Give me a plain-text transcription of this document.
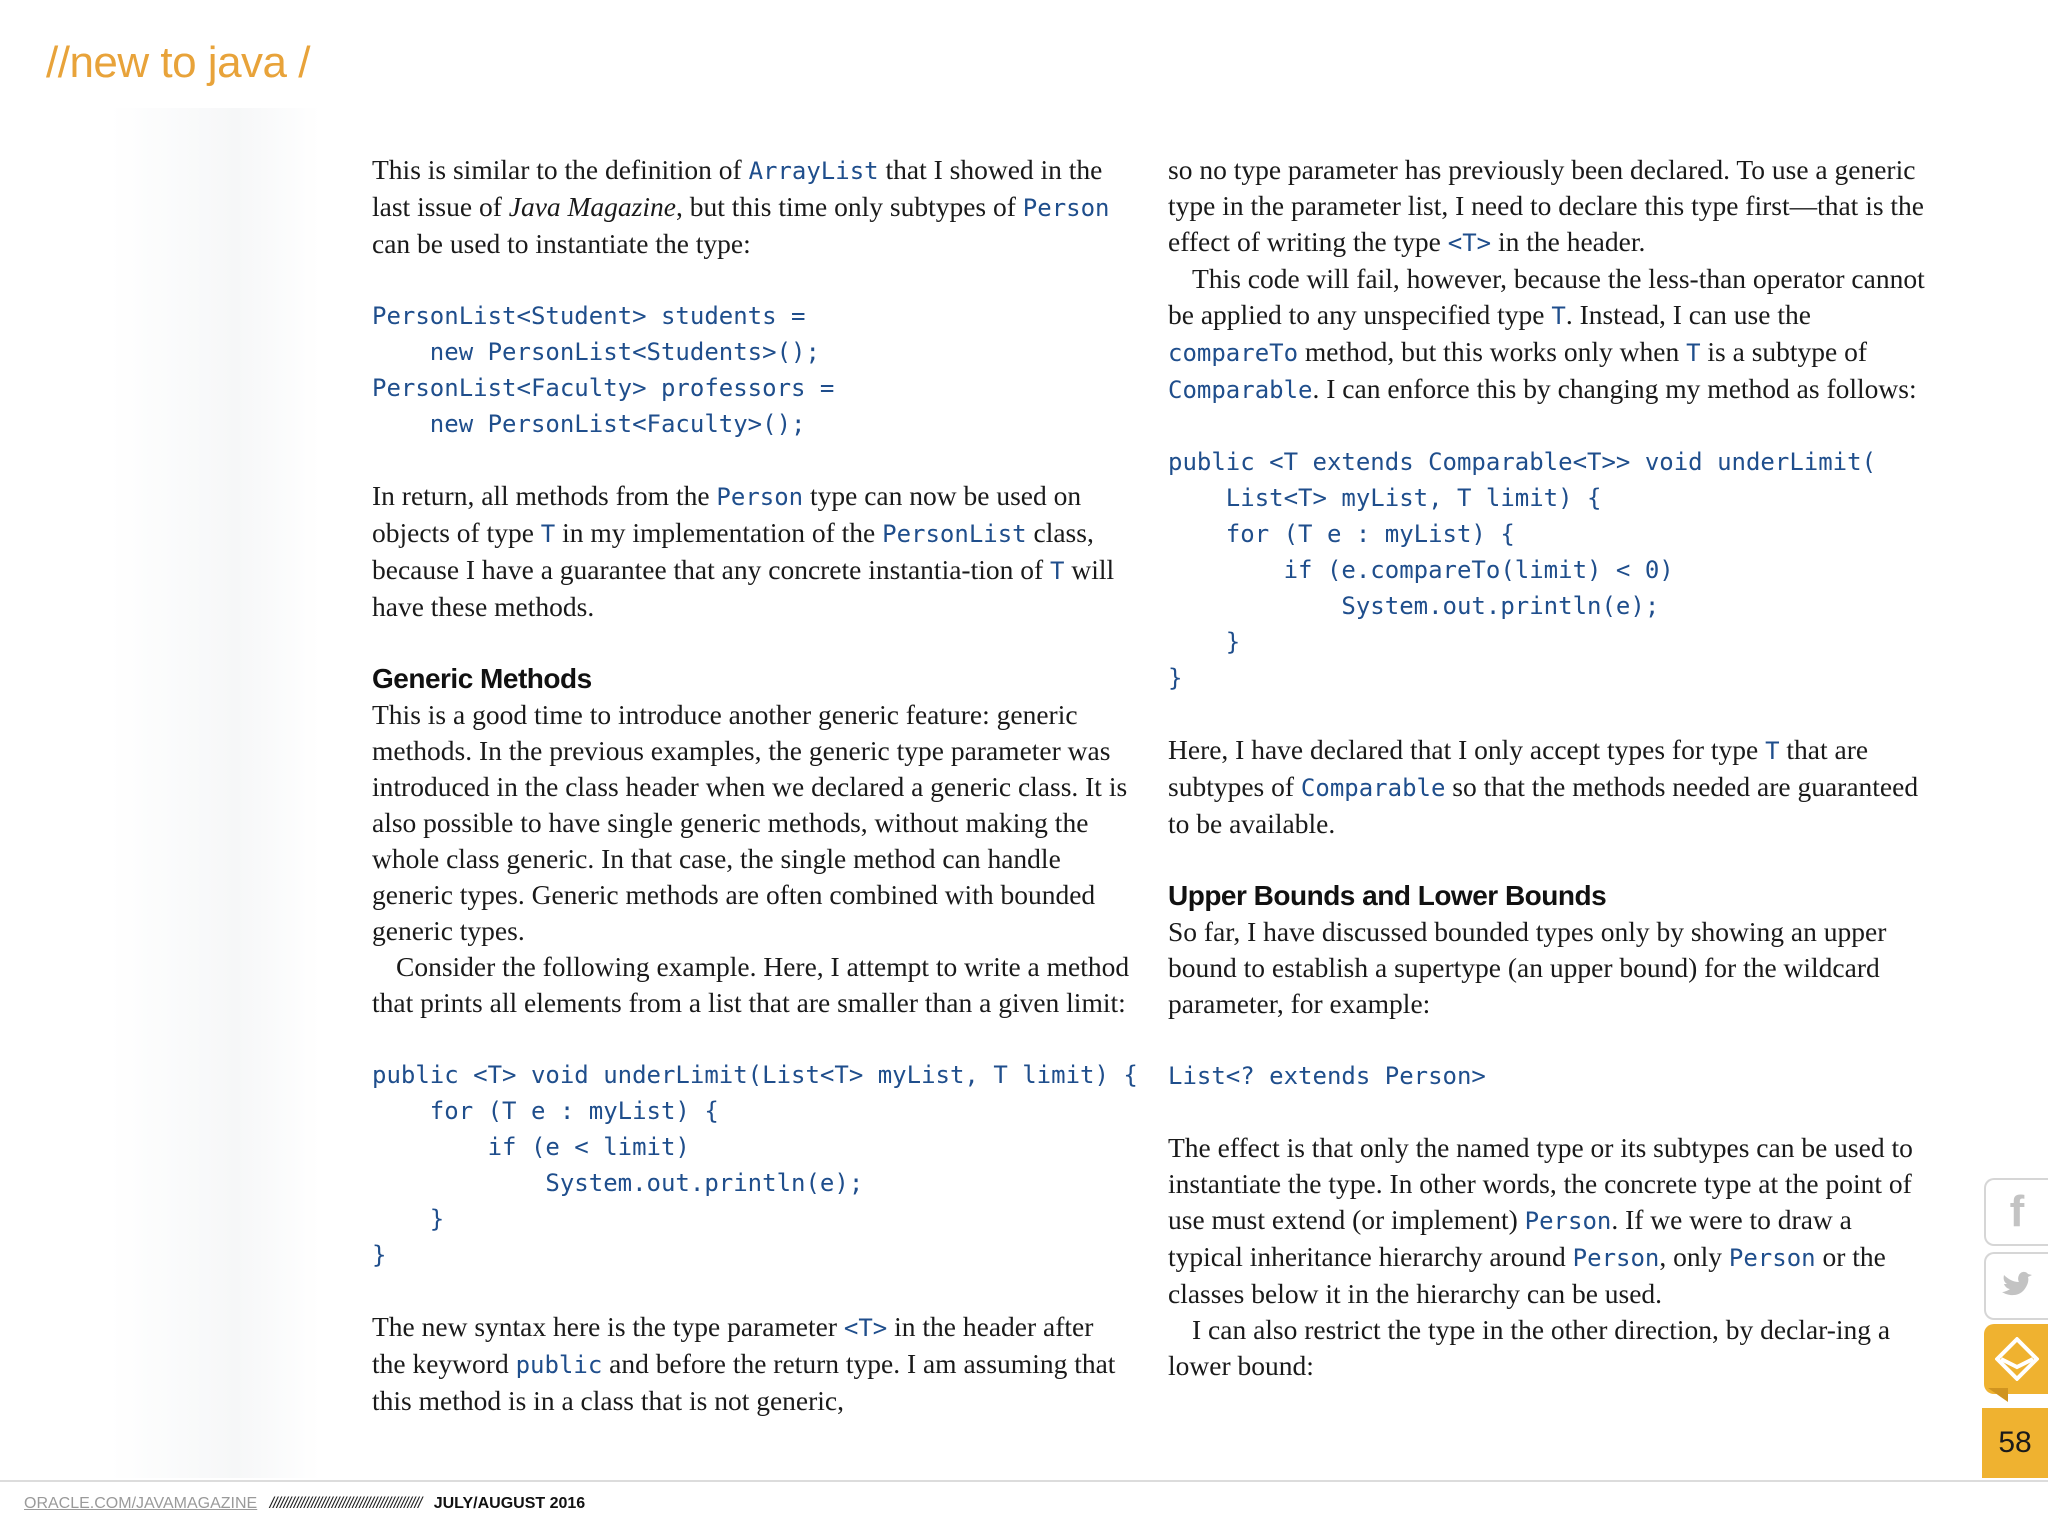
//new to java /

This is similar to the definition of ArrayList that I showed in the last issue of Java Magazine, but this time only subtypes of Person can be used to instantiate the type:

PersonList<Student> students =
new PersonList<Students>();
PersonList<Faculty> professors =
new PersonList<Faculty>();

In return, all methods from the Person type can now be used on objects of type T in my implementation of the PersonList class, because I have a guarantee that any concrete instantia-tion of T will have these methods.

Generic Methods

This is a good time to introduce another generic feature: generic methods. In the previous examples, the generic type parameter was introduced in the class header when we declared a generic class. It is also possible to have single generic methods, without making the whole class generic. In that case, the single method can handle generic types. Generic methods are often combined with bounded generic types.

Consider the following example. Here, I attempt to write a method that prints all elements from a list that are smaller than a given limit:

public <T> void underLimit(List<T> myList, T limit) {
for (T e : myList) {
if (e < limit)
System.out.println(e);
}
}

The new syntax here is the type parameter <T> in the header after the keyword public and before the return type. I am assuming that this method is in a class that is not generic,

so no type parameter has previously been declared. To use a generic type in the parameter list, I need to declare this type first—that is the effect of writing the type <T> in the header.

This code will fail, however, because the less-than operator cannot be applied to any unspecified type T. Instead, I can use the compareTo method, but this works only when T is a subtype of Comparable. I can enforce this by changing my method as follows:

public <T extends Comparable<T>> void underLimit(
List<T> myList, T limit) {
for (T e : myList) {
if (e.compareTo(limit) < 0)
System.out.println(e);
}
}

Here, I have declared that I only accept types for type T that are subtypes of Comparable so that the methods needed are guaranteed to be available.

Upper Bounds and Lower Bounds

So far, I have discussed bounded types only by showing an upper bound to establish a supertype (an upper bound) for the wildcard parameter, for example:

List<? extends Person>

The effect is that only the named type or its subtypes can be used to instantiate the type. In other words, the concrete type at the point of use must extend (or implement) Person. If we were to draw a typical inheritance hierarchy around Person, only Person or the classes below it in the hierarchy can be used.

I can also restrict the type in the other direction, by declar-ing a lower bound:

f
58
ORACLE.COM/JAVAMAGAZINE //////////////////////////////////////////// JULY/AUGUST 2016
